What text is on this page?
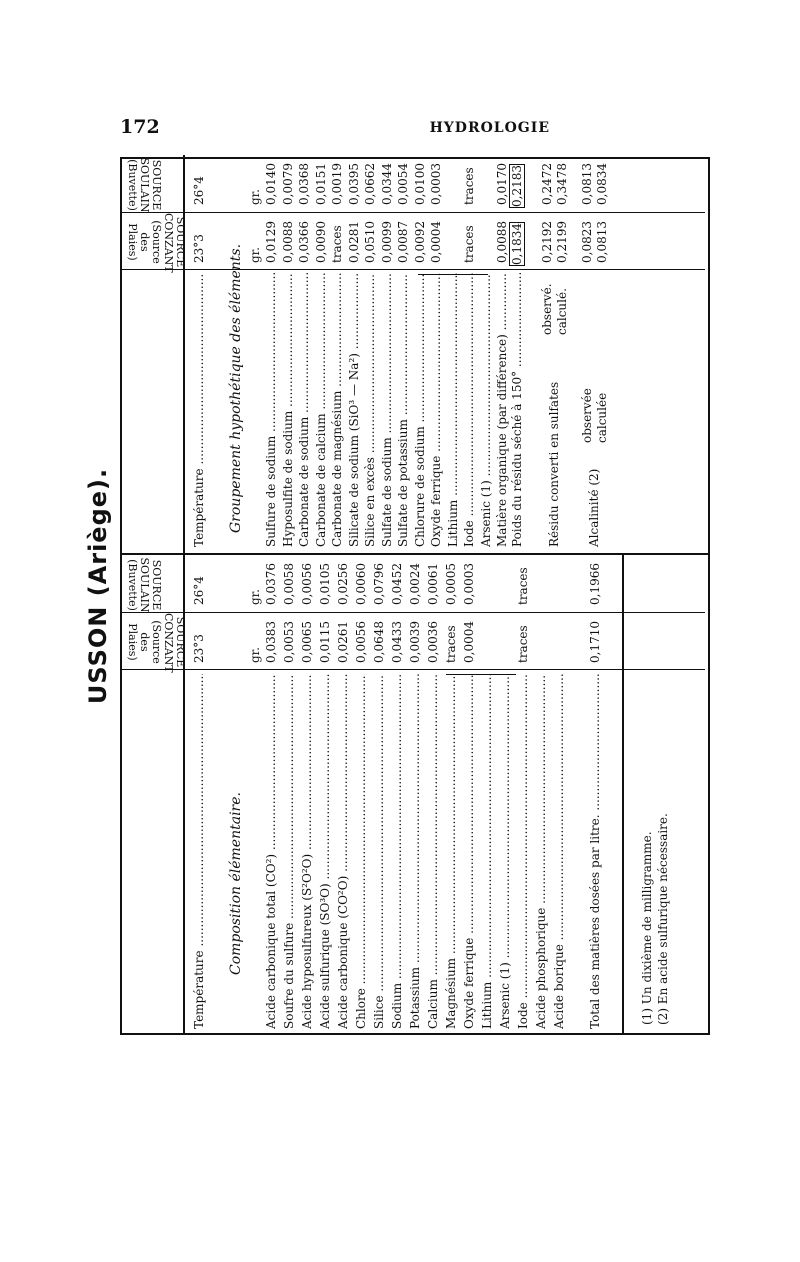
172	HYDROLOGIE
USSON (Ariège).	SOURCE CONZANT (Source des Plaies)
SOURCE SOULAIN (Buvette)
Température .....
23°3
26°4
Composition élémentaire.
gr.
gr.
Acide carbonique total (CO²) .....
0,0383
0,0376
Soufre du sulfure .....
0,0053
0,0058
Acide hyposulfureux (S²O²O) .....
0,0065
0,0056
Acide sulfurique (SO³O) .....
0,0115
0,0105
Acide carbonique (CO²O) .....
0,0261
0,0256
Chlore .....
0,0056
0,0060
Silice .....
0,0648
0,0796
Sodium .....
0,0433
0,0452
Potassium .....
0,0039
0,0024
Calcium .....
0,0036
0,0061
Magnésium .....
traces
0,0005
Oxyde ferrique .....
0,0004
0,0003
Lithium ..... Arsenic (1) ..... Iode .....
traces
traces
Acide phosphorique ..... Acide borique ..... Total des matières dosées par litre. .....
0,1710
0,1966
(1) Un dixième de milligramme. (2) En acide sulfurique nécessaire.
SOURCE CONZANT (Source des Plaies)
SOURCE SOULAIN (Buvette)
Température .....
23°3
26°4
Groupement hypothétique des éléments. gr.
gr.
Sulfure de sodium .....
0,0129
0,0140
Hyposulfite de sodium .....
0,0088
0,0079
Carbonate de sodium .....
0,0366
0,0368
Carbonate de calcium .....
0,0090
0,0151
Carbonate de magnésium .....
traces
0,0019
Silicate de sodium (SiO³ — Na²) .....
0,0281
0,0395
Silice en excès .....
0,0510
0,0662
Sulfate de sodium .....
0,0099
0,0344
Sulfate de potassium .....
0,0087
0,0054
Chlorure de sodium .....
0,0092
0,0100
Oxyde ferrique .....
0,0004
0,0003
Lithium ..... Iode .....
traces
traces
Arsenic (1) ..... Matière organique (par différence) .....
0,0088
0,0170
Poids du résidu séché à 150° .....
0,1834
0,2183
Résidu converti en sulfates
observé. calculé.
0,2192
0,2472
0,2199
0,3478
Alcalinité (2)
observée calculée
0,0823
0,0813
0,0813
0,0834
